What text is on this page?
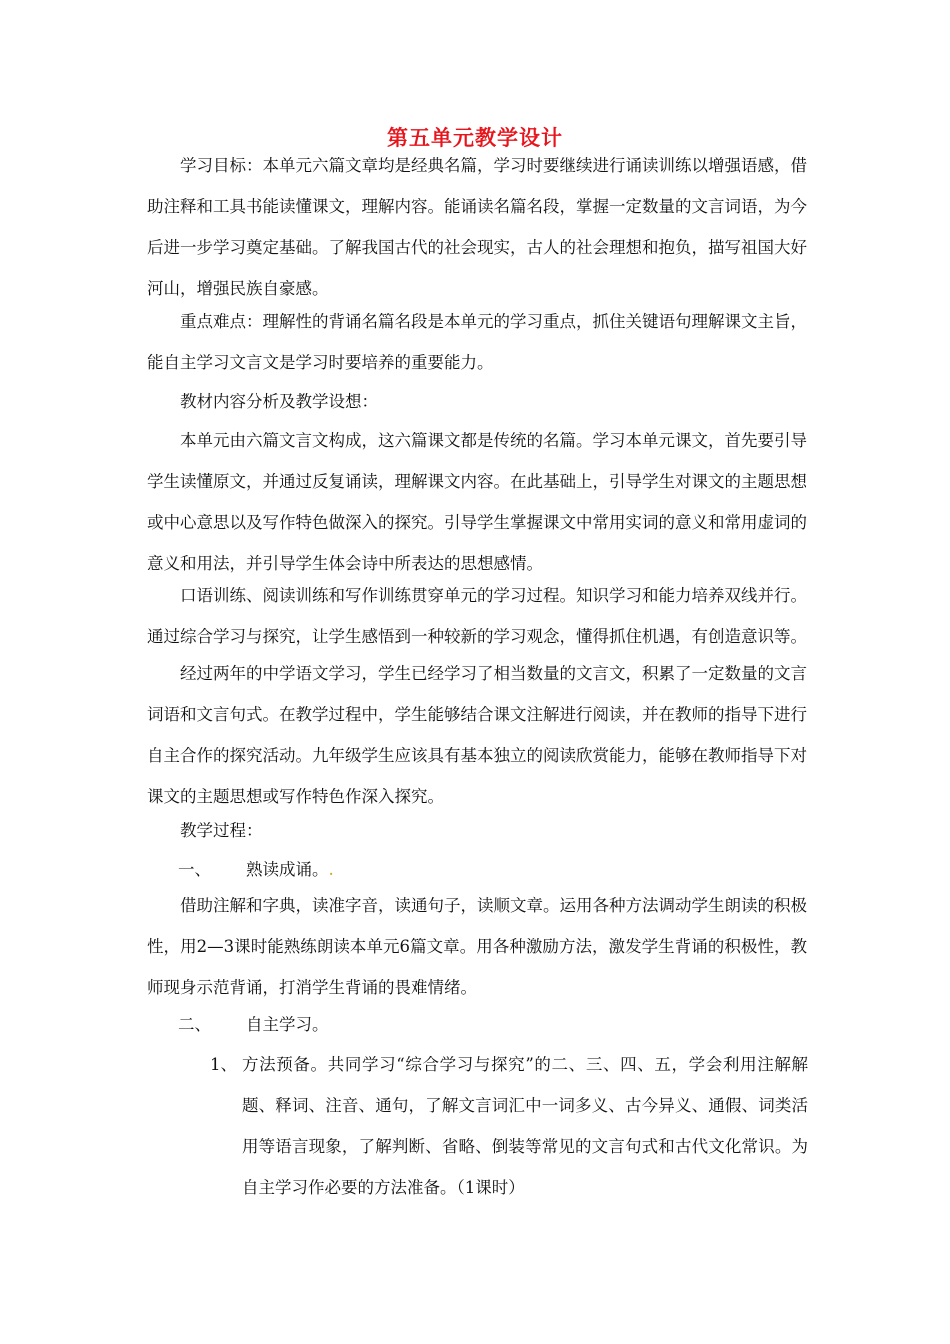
第五单元教学设计

学习目标：本单元六篇文章均是经典名篇，学习时要继续进行诵读训练以增强语感，借助注释和工具书能读懂课文，理解内容。能诵读名篇名段，掌握一定数量的文言词语，为今后进一步学习奠定基础。了解我国古代的社会现实，古人的社会理想和抱负，描写祖国大好河山，增强民族自豪感。

重点难点：理解性的背诵名篇名段是本单元的学习重点，抓住关键语句理解课文主旨，能自主学习文言文是学习时要培养的重要能力。

教材内容分析及教学设想：

本单元由六篇文言文构成，这六篇课文都是传统的名篇。学习本单元课文，首先要引导学生读懂原文，并通过反复诵读，理解课文内容。在此基础上，引导学生对课文的主题思想或中心意思以及写作特色做深入的探究。引导学生掌握课文中常用实词的意义和常用虚词的意义和用法，并引导学生体会诗中所表达的思想感情。

口语训练、阅读训练和写作训练贯穿单元的学习过程。知识学习和能力培养双线并行。通过综合学习与探究，让学生感悟到一种较新的学习观念，懂得抓住机遇，有创造意识等。

经过两年的中学语文学习，学生已经学习了相当数量的文言文，积累了一定数量的文言词语和文言句式。在教学过程中，学生能够结合课文注解进行阅读，并在教师的指导下进行自主合作的探究活动。九年级学生应该具有基本独立的阅读欣赏能力，能够在教师指导下对课文的主题思想或写作特色作深入探究。

教学过程：

一、 熟读成诵。.

借助注解和字典，读准字音，读通句子，读顺文章。运用各种方法调动学生朗读的积极性，用2—3课时能熟练朗读本单元6篇文章。用各种激励方法，激发学生背诵的积极性，教师现身示范背诵，打消学生背诵的畏难情绪。

二、 自主学习。
1、 方法预备。共同学习“综合学习与探究”的二、三、四、五，学会利用注解解题、释词、注音、通句，了解文言词汇中一词多义、古今异义、通假、词类活用等语言现象，了解判断、省略、倒装等常见的文言句式和古代文化常识。为自主学习作必要的方法准备。（1课时）
